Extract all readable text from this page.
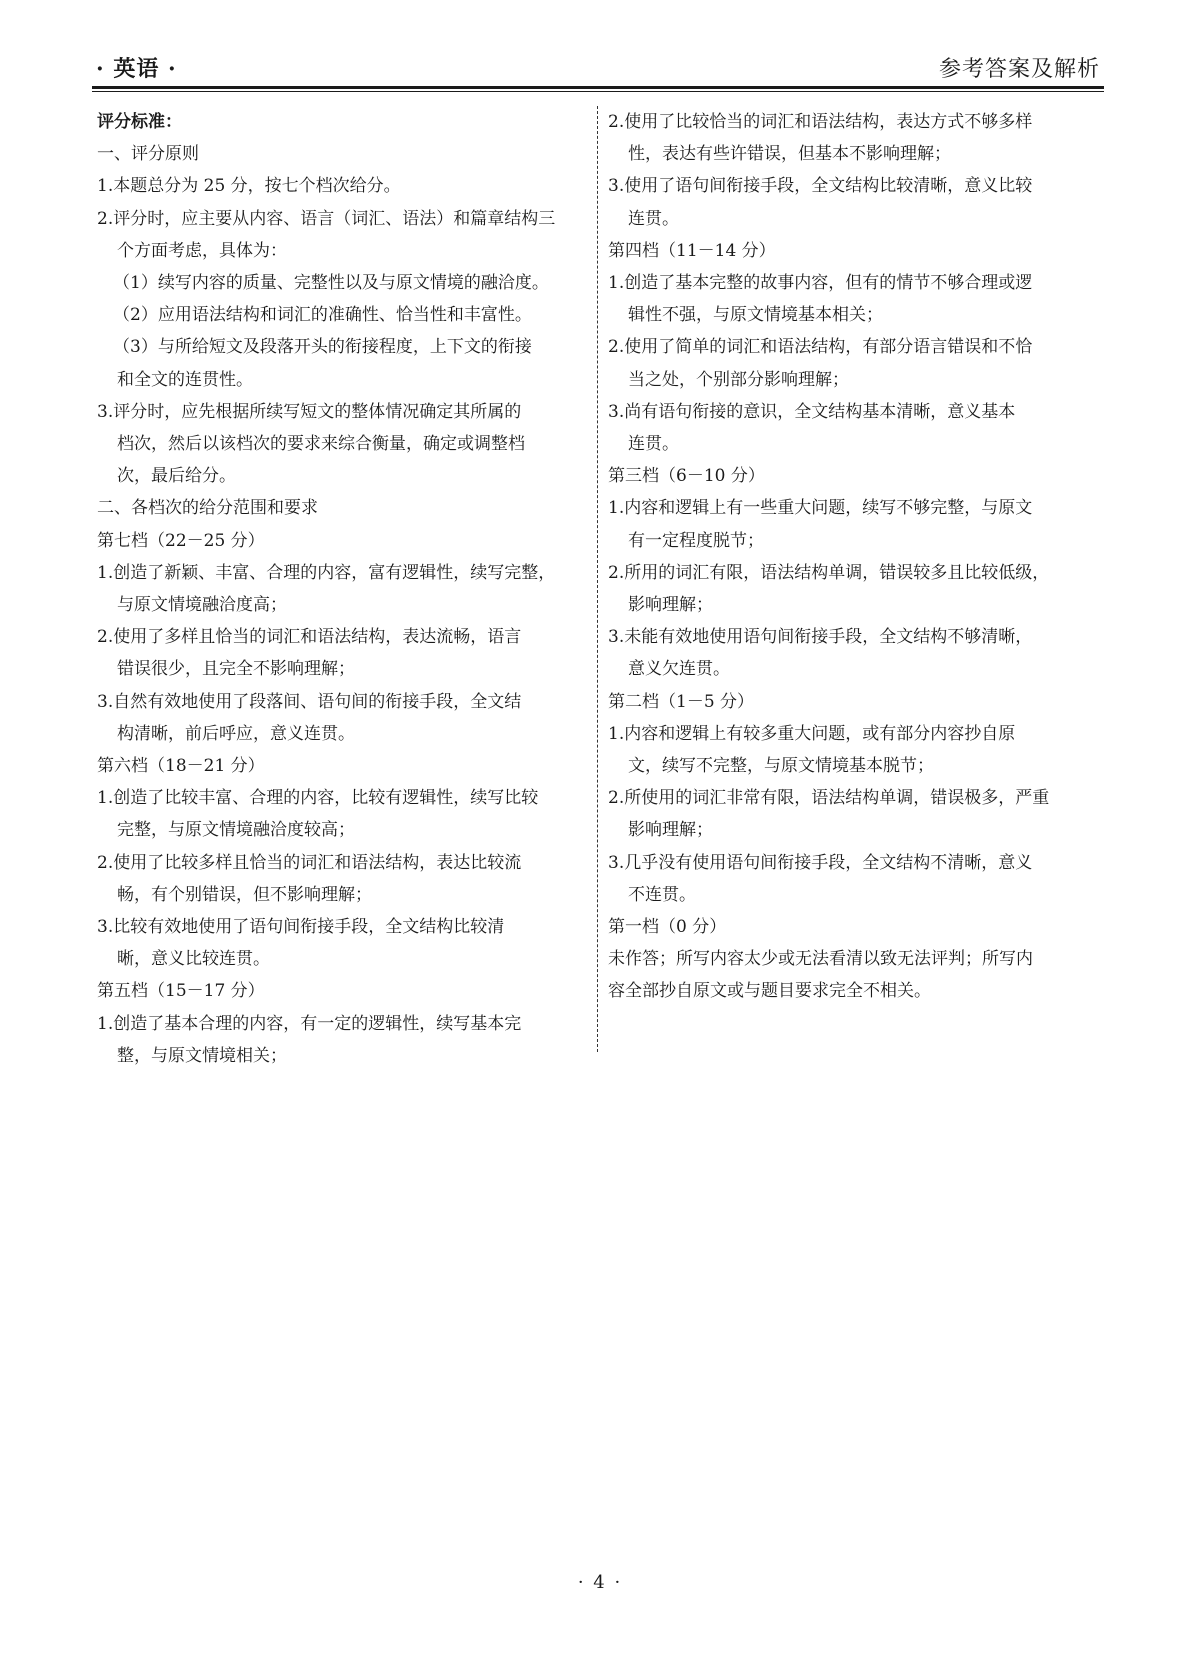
· 英语 ·	参考答案及解析
评分标准：
一、评分原则
1.本题总分为 25 分，按七个档次给分。
2.评分时，应主要从内容、语言（词汇、语法）和篇章结构三
个方面考虑，具体为：
（1）续写内容的质量、完整性以及与原文情境的融洽度。
（2）应用语法结构和词汇的准确性、恰当性和丰富性。
（3）与所给短文及段落开头的衔接程度，上下文的衔接
和全文的连贯性。
3.评分时，应先根据所续写短文的整体情况确定其所属的
档次，然后以该档次的要求来综合衡量，确定或调整档
次，最后给分。
二、各档次的给分范围和要求
第七档（22－25 分）
1.创造了新颖、丰富、合理的内容，富有逻辑性，续写完整，
与原文情境融洽度高；
2.使用了多样且恰当的词汇和语法结构，表达流畅，语言
错误很少，且完全不影响理解；
3.自然有效地使用了段落间、语句间的衔接手段，全文结
构清晰，前后呼应，意义连贯。
第六档（18－21 分）
1.创造了比较丰富、合理的内容，比较有逻辑性，续写比较
完整，与原文情境融洽度较高；
2.使用了比较多样且恰当的词汇和语法结构，表达比较流
畅，有个别错误，但不影响理解；
3.比较有效地使用了语句间衔接手段，全文结构比较清
晰，意义比较连贯。
第五档（15－17 分）
1.创造了基本合理的内容，有一定的逻辑性，续写基本完
整，与原文情境相关；
2.使用了比较恰当的词汇和语法结构，表达方式不够多样
性，表达有些许错误，但基本不影响理解；
3.使用了语句间衔接手段，全文结构比较清晰，意义比较
连贯。
第四档（11－14 分）
1.创造了基本完整的故事内容，但有的情节不够合理或逻
辑性不强，与原文情境基本相关；
2.使用了简单的词汇和语法结构，有部分语言错误和不恰
当之处，个别部分影响理解；
3.尚有语句衔接的意识，全文结构基本清晰，意义基本
连贯。
第三档（6－10 分）
1.内容和逻辑上有一些重大问题，续写不够完整，与原文
有一定程度脱节；
2.所用的词汇有限，语法结构单调，错误较多且比较低级，
影响理解；
3.未能有效地使用语句间衔接手段，全文结构不够清晰，
意义欠连贯。
第二档（1－5 分）
1.内容和逻辑上有较多重大问题，或有部分内容抄自原
文，续写不完整，与原文情境基本脱节；
2.所使用的词汇非常有限，语法结构单调，错误极多，严重
影响理解；
3.几乎没有使用语句间衔接手段，全文结构不清晰，意义
不连贯。
第一档（0 分）
未作答；所写内容太少或无法看清以致无法评判；所写内
容全部抄自原文或与题目要求完全不相关。
· 4 ·
